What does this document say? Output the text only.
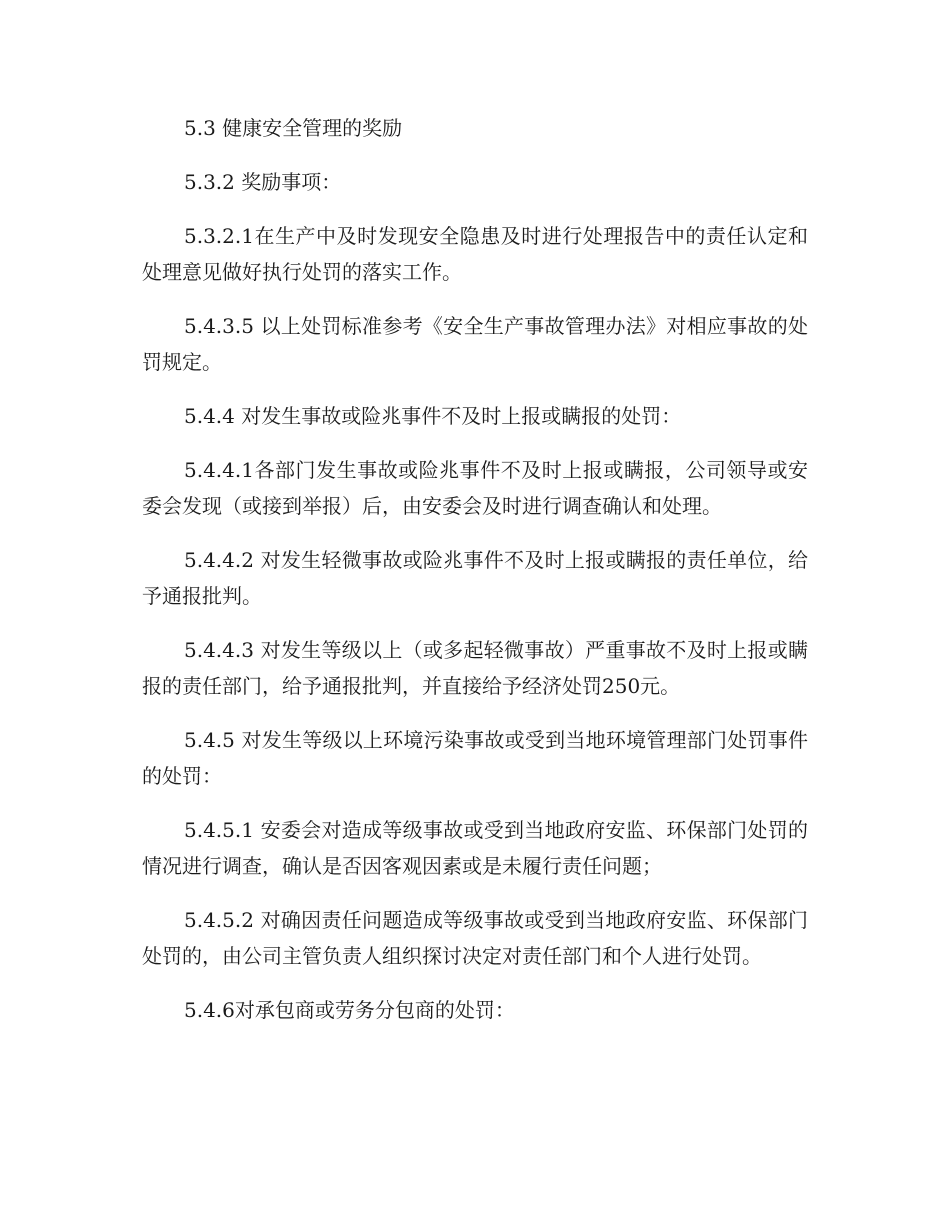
5.3 健康安全管理的奖励

5.3.2 奖励事项：

5.3.2.1在生产中及时发现安全隐患及时进行处理报告中的责任认定和处理意见做好执行处罚的落实工作。

5.4.3.5 以上处罚标准参考《安全生产事故管理办法》对相应事故的处罚规定。

5.4.4 对发生事故或险兆事件不及时上报或瞒报的处罚：

5.4.4.1各部门发生事故或险兆事件不及时上报或瞒报，公司领导或安委会发现（或接到举报）后，由安委会及时进行调查确认和处理。

5.4.4.2 对发生轻微事故或险兆事件不及时上报或瞒报的责任单位，给予通报批判。

5.4.4.3 对发生等级以上（或多起轻微事故）严重事故不及时上报或瞒报的责任部门，给予通报批判，并直接给予经济处罚250元。

5.4.5 对发生等级以上环境污染事故或受到当地环境管理部门处罚事件的处罚：

5.4.5.1 安委会对造成等级事故或受到当地政府安监、环保部门处罚的情况进行调查，确认是否因客观因素或是未履行责任问题；

5.4.5.2 对确因责任问题造成等级事故或受到当地政府安监、环保部门处罚的，由公司主管负责人组织探讨决定对责任部门和个人进行处罚。

5.4.6对承包商或劳务分包商的处罚：
